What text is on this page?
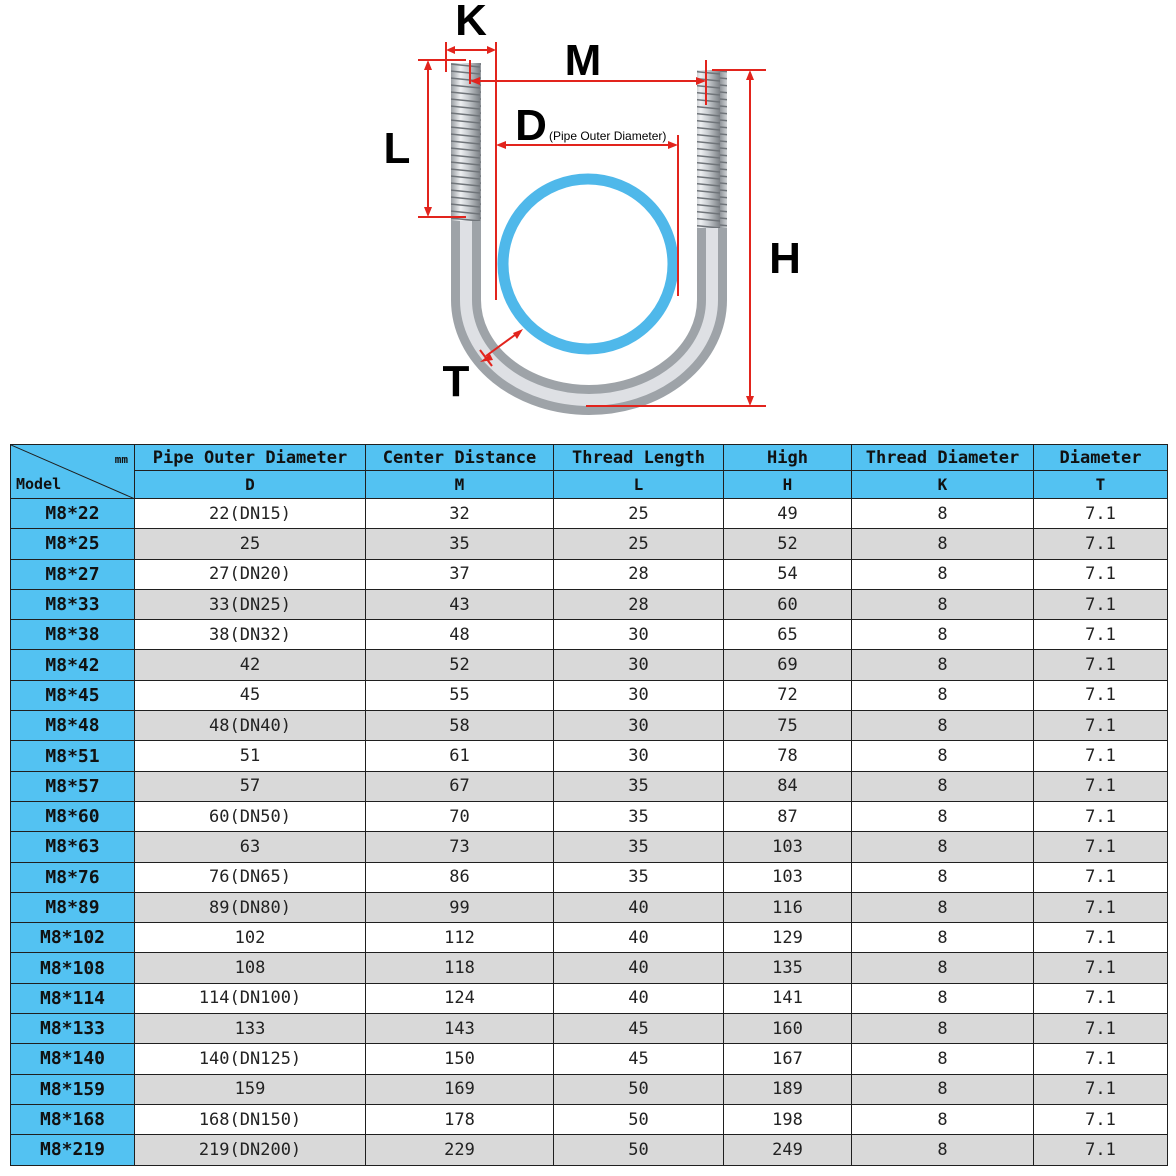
K
M
L D (Pipe Outer Diameter)
H
T
mm
Model	Pipe Outer Diameter	Center Distance	Thread Length	High	Thread Diameter	Diameter
	D	M	L	H	K	T
M8*22	22(DN15)	32	25	49	8	7.1
M8*25	25	35	25	52	8	7.1
M8*27	27(DN20)	37	28	54	8	7.1
M8*33	33(DN25)	43	28	60	8	7.1
M8*38	38(DN32)	48	30	65	8	7.1
M8*42	42	52	30	69	8	7.1
M8*45	45	55	30	72	8	7.1
M8*48	48(DN40)	58	30	75	8	7.1
M8*51	51	61	30	78	8	7.1
M8*57	57	67	35	84	8	7.1
M8*60	60(DN50)	70	35	87	8	7.1
M8*63	63	73	35	103	8	7.1
M8*76	76(DN65)	86	35	103	8	7.1
M8*89	89(DN80)	99	40	116	8	7.1
M8*102	102	112	40	129	8	7.1
M8*108	108	118	40	135	8	7.1
M8*114	114(DN100)	124	40	141	8	7.1
M8*133	133	143	45	160	8	7.1
M8*140	140(DN125)	150	45	167	8	7.1
M8*159	159	169	50	189	8	7.1
M8*168	168(DN150)	178	50	198	8	7.1
M8*219	219(DN200)	229	50	249	8	7.1
